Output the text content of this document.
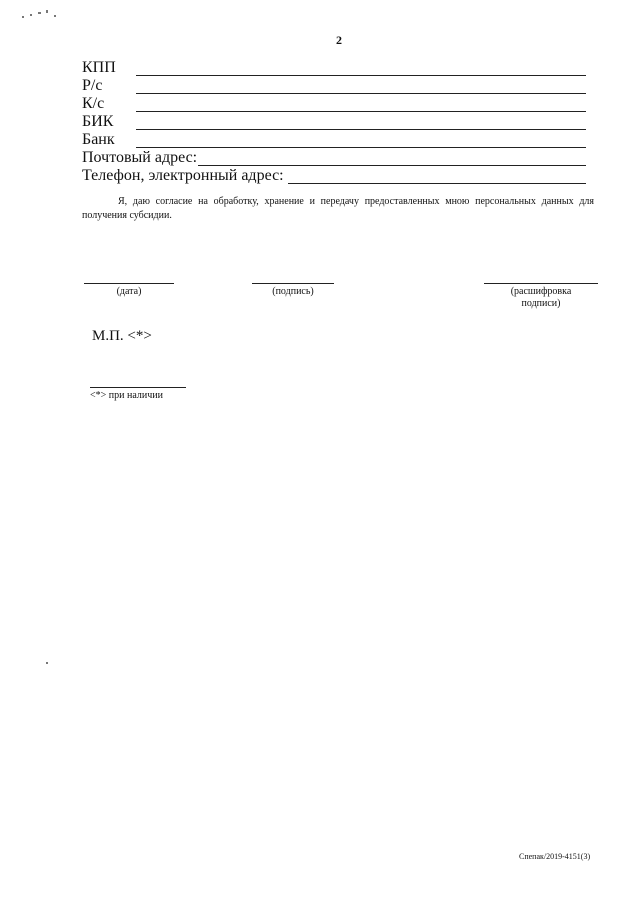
2
КПП
Р/с
К/с
БИК
Банк
Почтовый адрес:
Телефон, электронный адрес:
Я, даю согласие на обработку, хранение и передачу предоставленных мною персональных данных для получения субсидии.
(дата)	(подпись)	(расшифровка подписи)
М.П. <*>
<*> при наличии
Спепак/2019-4151(3)
